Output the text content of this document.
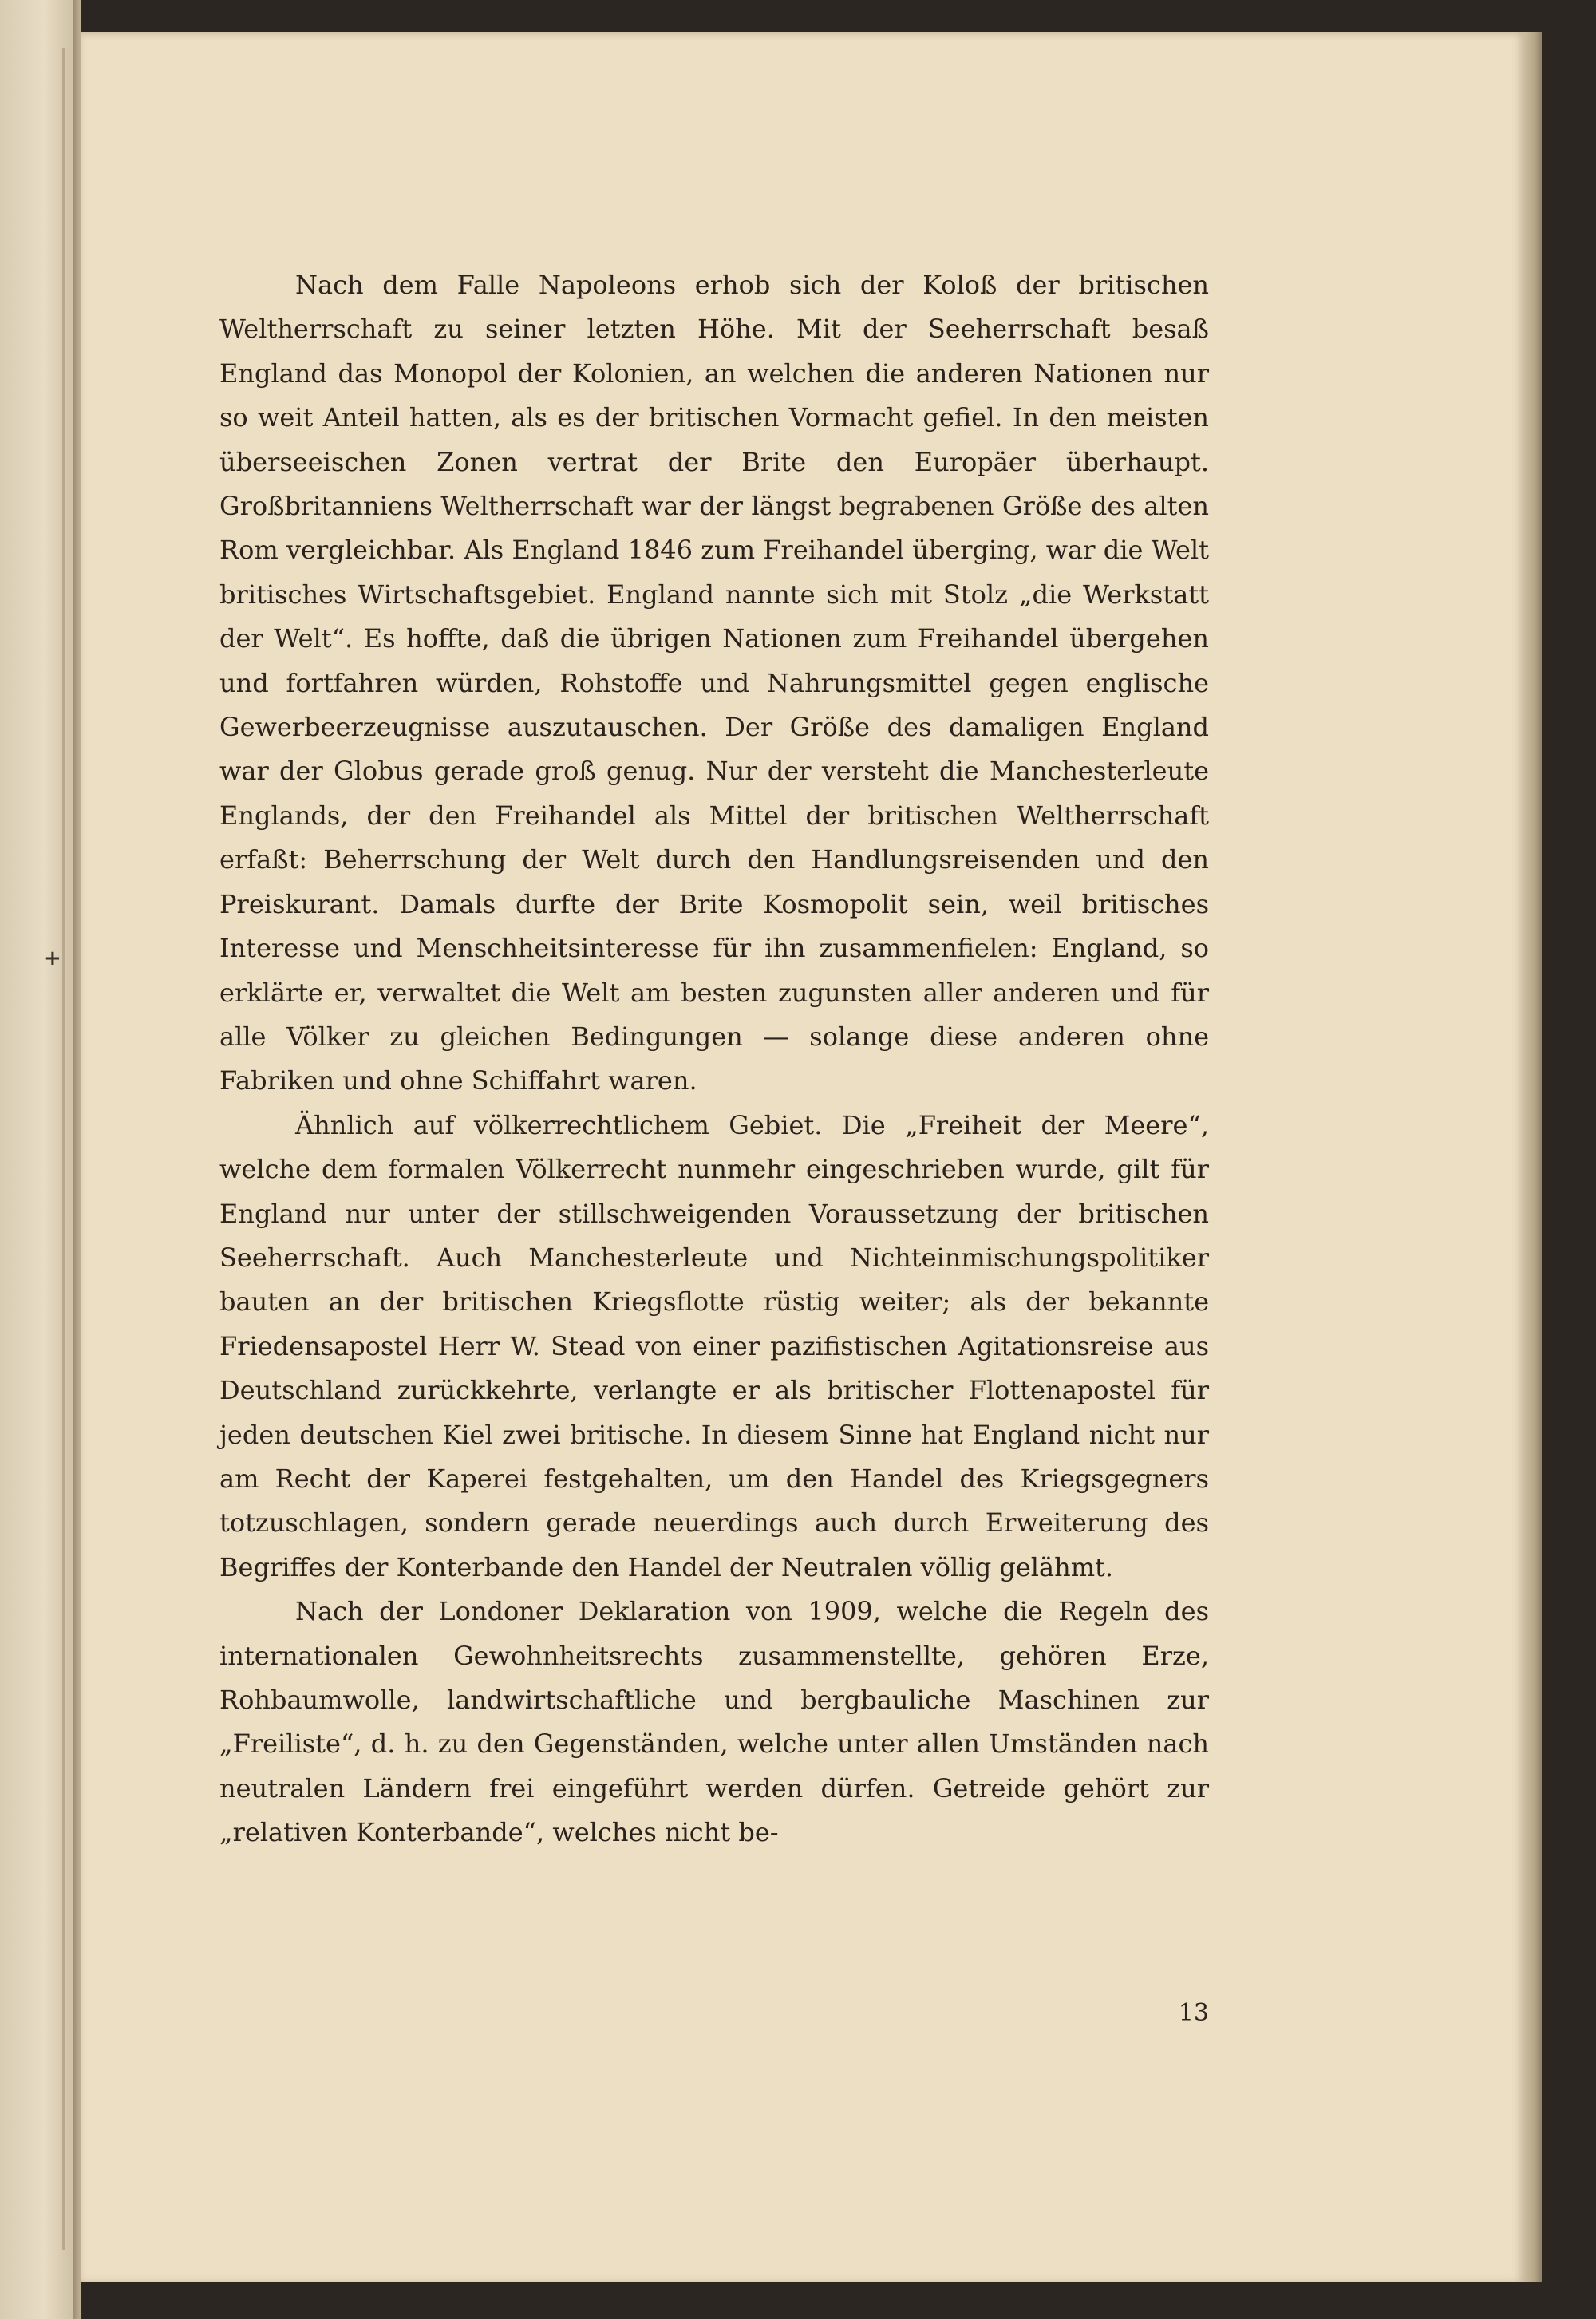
+

Nach dem Falle Napoleons erhob sich der Koloß der britischen Weltherrschaft zu seiner letzten Höhe. Mit der Seeherrschaft besaß England das Monopol der Kolonien, an welchen die anderen Nationen nur so weit Anteil hatten, als es der britischen Vormacht gefiel. In den meisten überseeischen Zonen vertrat der Brite den Europäer überhaupt. Großbritanniens Weltherrschaft war der längst begrabenen Größe des alten Rom vergleichbar. Als England 1846 zum Freihandel überging, war die Welt britisches Wirtschaftsgebiet. England nannte sich mit Stolz „die Werkstatt der Welt“. Es hoffte, daß die übrigen Nationen zum Freihandel übergehen und fortfahren würden, Rohstoffe und Nahrungsmittel gegen englische Gewerbeerzeugnisse auszutauschen. Der Größe des damaligen England war der Globus gerade groß genug. Nur der versteht die Manchesterleute Englands, der den Freihandel als Mittel der britischen Weltherrschaft erfaßt: Beherrschung der Welt durch den Handlungsreisenden und den Preiskurant. Damals durfte der Brite Kosmopolit sein, weil britisches Interesse und Menschheitsinteresse für ihn zusammenfielen: England, so erklärte er, verwaltet die Welt am besten zugunsten aller anderen und für alle Völker zu gleichen Bedingungen — solange diese anderen ohne Fabriken und ohne Schiffahrt waren.

Ähnlich auf völkerrechtlichem Gebiet. Die „Freiheit der Meere“, welche dem formalen Völkerrecht nunmehr eingeschrieben wurde, gilt für England nur unter der stillschweigenden Voraussetzung der britischen Seeherrschaft. Auch Manchesterleute und Nichteinmischungspolitiker bauten an der britischen Kriegsflotte rüstig weiter; als der bekannte Friedensapostel Herr W. Stead von einer pazifistischen Agitationsreise aus Deutschland zurückkehrte, verlangte er als britischer Flottenapostel für jeden deutschen Kiel zwei britische. In diesem Sinne hat England nicht nur am Recht der Kaperei festgehalten, um den Handel des Kriegsgegners totzuschlagen, sondern gerade neuerdings auch durch Erweiterung des Begriffes der Konterbande den Handel der Neutralen völlig gelähmt.

Nach der Londoner Deklaration von 1909, welche die Regeln des internationalen Gewohnheitsrechts zusammenstellte, gehören Erze, Rohbaumwolle, landwirtschaftliche und bergbauliche Maschinen zur „Freiliste“, d. h. zu den Gegenständen, welche unter allen Umständen nach neutralen Ländern frei eingeführt werden dürfen. Getreide gehört zur „relativen Konterbande“, welches nicht be-

13
